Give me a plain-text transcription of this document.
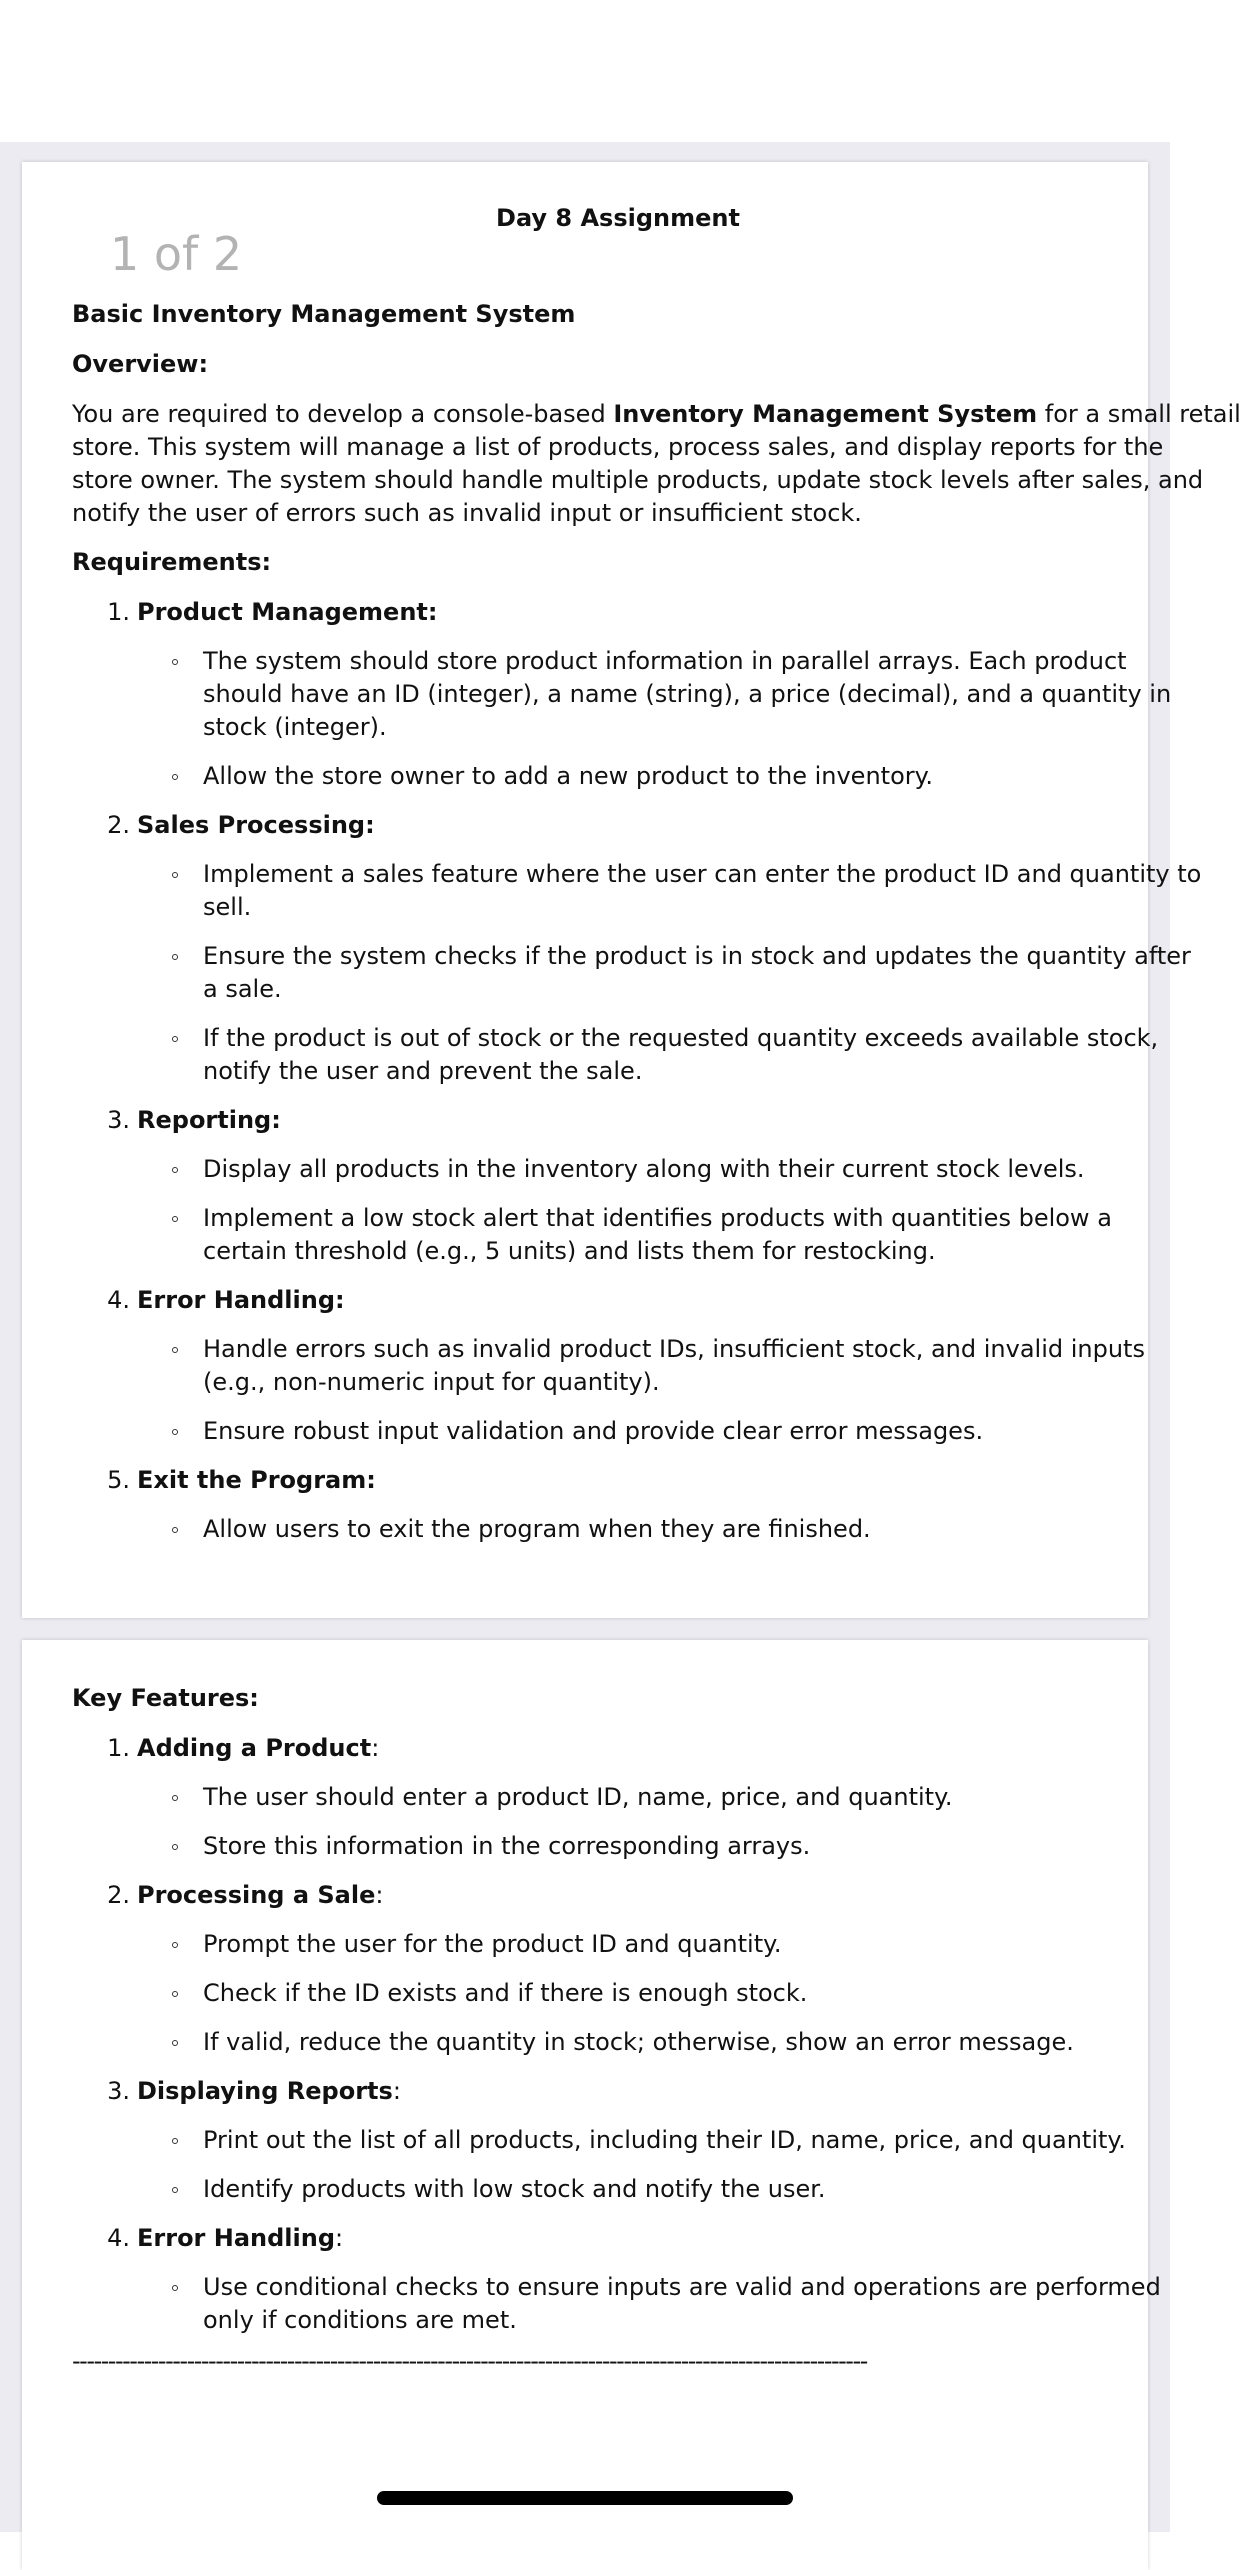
Day 8 Assignment
Basic Inventory Management System
Overview:
You are required to develop a console-based Inventory Management System for a small retail
store. This system will manage a list of products, process sales, and display reports for the
store owner. The system should handle multiple products, update stock levels after sales, and
notify the user of errors such as invalid input or insufficient stock.
Requirements:
1. Product Management:
The system should store product information in parallel arrays. Each product
should have an ID (integer), a name (string), a price (decimal), and a quantity in
stock (integer).
Allow the store owner to add a new product to the inventory.
2. Sales Processing:
Implement a sales feature where the user can enter the product ID and quantity to
sell.
Ensure the system checks if the product is in stock and updates the quantity after
a sale.
If the product is out of stock or the requested quantity exceeds available stock,
notify the user and prevent the sale.
3. Reporting:
Display all products in the inventory along with their current stock levels.
Implement a low stock alert that identifies products with quantities below a
certain threshold (e.g., 5 units) and lists them for restocking.
4. Error Handling:
Handle errors such as invalid product IDs, insufficient stock, and invalid inputs
(e.g., non-numeric input for quantity).
Ensure robust input validation and provide clear error messages.
5. Exit the Program:
Allow users to exit the program when they are finished.
Key Features:
1. Adding a Product:
The user should enter a product ID, name, price, and quantity.
Store this information in the corresponding arrays.
2. Processing a Sale:
Prompt the user for the product ID and quantity.
Check if the ID exists and if there is enough stock.
If valid, reduce the quantity in stock; otherwise, show an error message.
3. Displaying Reports:
Print out the list of all products, including their ID, name, price, and quantity.
Identify products with low stock and notify the user.
4. Error Handling:
Use conditional checks to ensure inputs are valid and operations are performed
only if conditions are met.
---------------------------------------------------------------------------------------------------------------
1 of 2
